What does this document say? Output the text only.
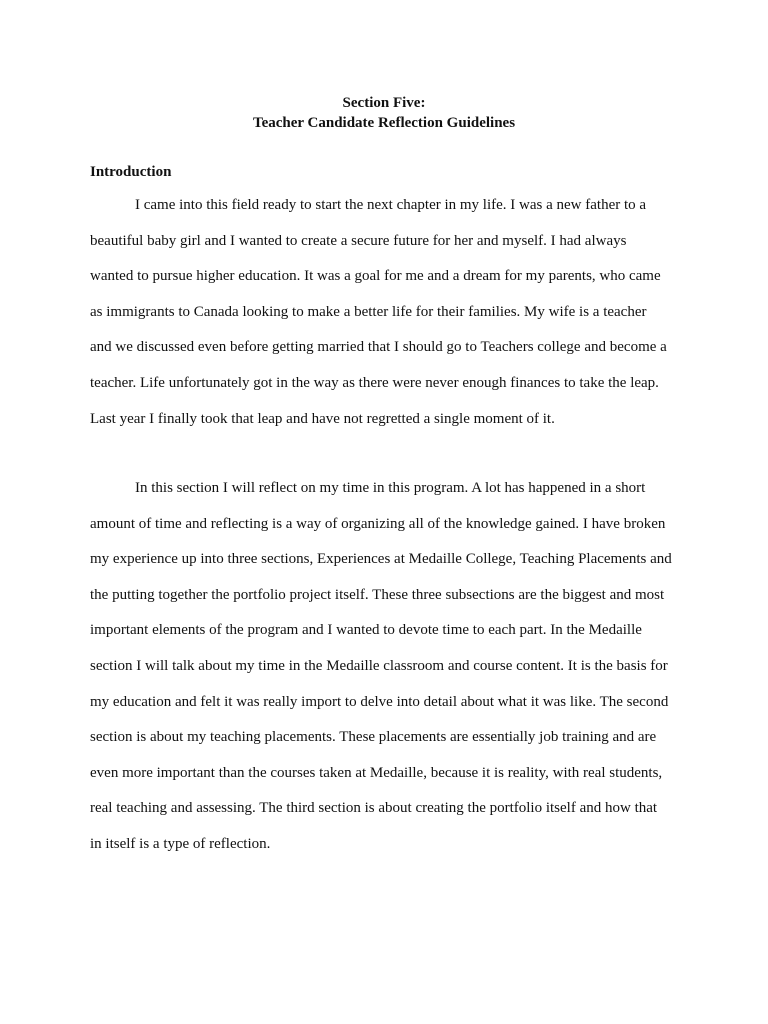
Section Five:
Teacher Candidate Reflection Guidelines
Introduction
I came into this field ready to start the next chapter in my life. I was a new father to a
beautiful baby girl and I wanted to create a secure future for her and myself. I had always
wanted to pursue higher education. It was a goal for me and a dream for my parents, who came
as immigrants to Canada looking to make a better life for their families. My wife is a teacher
and we discussed even before getting married that I should go to Teachers college and become a
teacher. Life unfortunately got in the way as there were never enough finances to take the leap.
Last year I finally took that leap and have not regretted a single moment of it.
In this section I will reflect on my time in this program. A lot has happened in a short
amount of time and reflecting is a way of organizing all of the knowledge gained. I have broken
my experience up into three sections, Experiences at Medaille College, Teaching Placements and
the putting together the portfolio project itself. These three subsections are the biggest and most
important elements of the program and I wanted to devote time to each part. In the Medaille
section I will talk about my time in the Medaille classroom and course content. It is the basis for
my education and felt it was really import to delve into detail about what it was like. The second
section is about my teaching placements. These placements are essentially job training and are
even more important than the courses taken at Medaille, because it is reality, with real students,
real teaching and assessing. The third section is about creating the portfolio itself and how that
in itself is a type of reflection.
